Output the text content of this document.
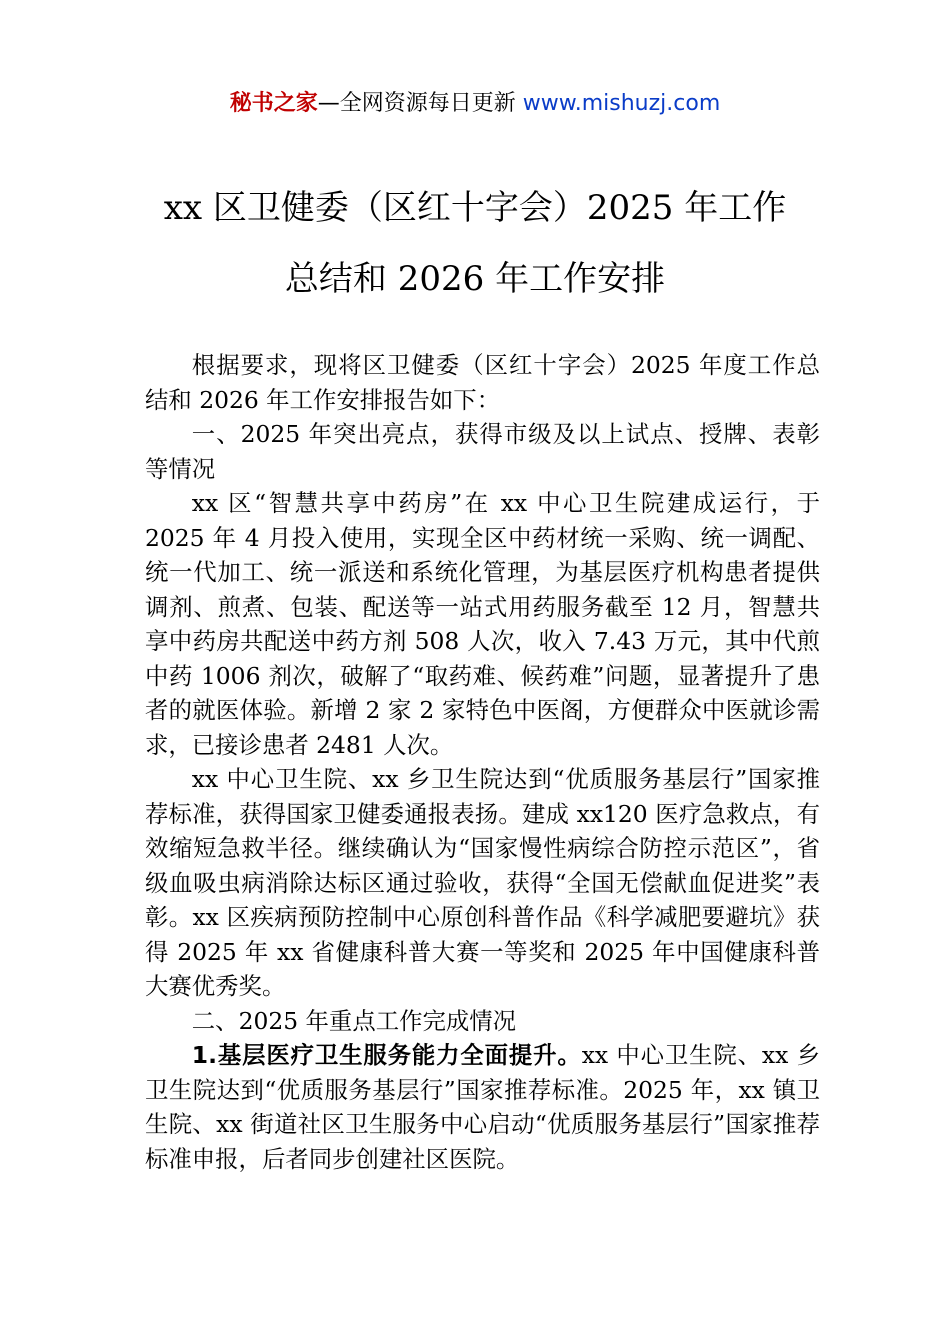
秘书之家—全网资源每日更新 www.mishuzj.com
xx 区卫健委（区红十字会）2025 年工作
总结和 2026 年工作安排

根据要求，现将区卫健委（区红十字会）2025 年度工作总结和 2026 年工作安排报告如下：

一、2025 年突出亮点，获得市级及以上试点、授牌、表彰等情况

xx 区“智慧共享中药房”在 xx 中心卫生院建成运行，于 2025 年 4 月投入使用，实现全区中药材统一采购、统一调配、统一代加工、统一派送和系统化管理，为基层医疗机构患者提供调剂、煎煮、包装、配送等一站式用药服务截至 12 月，智慧共享中药房共配送中药方剂 508 人次，收入 7.43 万元，其中代煎中药 1006 剂次，破解了“取药难、候药难”问题，显著提升了患者的就医体验。新增 2 家 2 家特色中医阁，方便群众中医就诊需求，已接诊患者 2481 人次。

xx 中心卫生院、xx 乡卫生院达到“优质服务基层行”国家推荐标准，获得国家卫健委通报表扬。建成 xx120 医疗急救点，有效缩短急救半径。继续确认为“国家慢性病综合防控示范区”，省级血吸虫病消除达标区通过验收，获得“全国无偿献血促进奖”表彰。xx 区疾病预防控制中心原创科普作品《科学减肥要避坑》获得 2025 年 xx 省健康科普大赛一等奖和 2025 年中国健康科普大赛优秀奖。

二、2025 年重点工作完成情况

1.基层医疗卫生服务能力全面提升。xx 中心卫生院、xx 乡卫生院达到“优质服务基层行”国家推荐标准。2025 年，xx 镇卫生院、xx 街道社区卫生服务中心启动“优质服务基层行”国家推荐标准申报，后者同步创建社区医院。
